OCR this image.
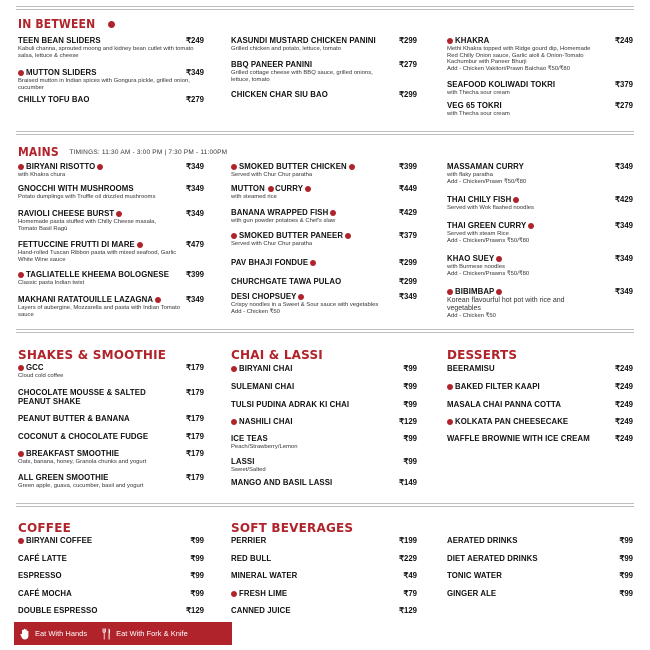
IN BETWEEN
TEEN BEAN SLIDERS	₹249
Kabuli channa, sprouted moong and kidney bean cutlet with tomato salsa, lettuce & cheese
MUTTON SLIDERS	₹349
Braised mutton in Indian spices with Gongura pickle, grilled onion, cucumber
CHILLY TOFU BAO	₹279
KASUNDI MUSTARD CHICKEN PANINI	₹299
Grilled chicken and potato, lettuce, tomato
BBQ PANEER PANINI	₹279
Grilled cottage cheese with BBQ sauce, grilled onions, lettuce, tomato
CHICKEN CHAR SIU BAO	₹299
KHAKRA	₹249
Methi Khakra topped with Ridge gourd dip, Homemade Red Chilly Onion sauce, Garlic aioli & Onion-Tomato Kachumbur with Paneer Bhurji
Add - Chicken Vakitori/Prawn Balchao ₹50/₹80
SEAFOOD KOLIWADI TOKRI	₹379
with Thecha sour cream
VEG 65 TOKRI	₹279
with Thecha sour cream
MAINS TIMINGS: 11:30 AM - 3:00 PM | 7:30 PM - 11:00PM
BIRYANI RISOTTO	₹349
with Khakra chura
GNOCCHI WITH MUSHROOMS	₹349
Potato dumplings with Truffle oil drizzled mushrooms
RAVIOLI CHEESE BURST	₹349
Homemade pasta stuffed with Chilly Cheese masala, Tomato Basil Ragù
FETTUCCINE FRUTTI DI MARE	₹479
Hand-rolled Tuscan Ribbon pasta with mixed seafood, Garlic White Wine sauce
TAGLIATELLE KHEEMA BOLOGNESE ₹399
Classic pasta Indian twist
MAKHANI RATATOUILLE LAZAGNA	₹349
Layers of aubergine, Mozzarella and pasta with Indian Tomato sauce
SMOKED BUTTER CHICKEN	₹399
Served with Chur Chur paratha
MUTTON CURRY	₹449
with steamed rice
BANANA WRAPPED FISH	₹429
with gun powder potatoes & Chef's slaw
SMOKED BUTTER PANEER	₹379
Served with Chur Chur paratha
PAV BHAJI FONDUE	₹299
CHURCHGATE TAWA PULAO	₹299
DESI CHOPSUEY	₹349
Crispy noodles in a Sweet & Sour sauce with vegetables
Add - Chicken ₹50
MASSAMAN CURRY	₹349
with flaky paratha
Add - Chicken/Prawn ₹50/₹80
THAI CHILY FISH	₹429
Served with Wok flashed noodles
THAI GREEN CURRY	₹349
Served with steam Rice
Add - Chicken/Prawns ₹50/₹80
KHAO SUEY	₹349
with Burmese noodles
Add - Chicken/Prawns ₹50/₹80
BIBIMBAP	₹349
Korean flavourful hot pot with rice and vegetables
Add - Chicken ₹50
SHAKES & SMOOTHIE
GCC	₹179
Cloud cold coffee
CHOCOLATE MOUSSE & SALTED PEANUT SHAKE
₹179
PEANUT BUTTER & BANANA	₹179
COCONUT & CHOCOLATE FUDGE	₹179
BREAKFAST SMOOTHIE	₹179
Oats, banana, honey, Granola chunks and yogurt
ALL GREEN SMOOTHIE	₹179
Green apple, guava, cucumber, basil and yogurt
CHAI & LASSI
BIRYANI CHAI	₹99
SULEMANI CHAI	₹99
TULSI PUDINA ADRAK KI CHAI	₹99
NASHILI CHAI	₹129
ICE TEAS	₹99
Peach/Strawberry/Lemon
LASSI	₹99
Sweet/Salted
MANGO AND BASIL LASSI	₹149
DESSERTS
BEERAMISU	₹249
BAKED FILTER KAAPI	₹249
MASALA CHAI PANNA COTTA	₹249
KOLKATA PAN CHEESECAKE	₹249
WAFFLE BROWNIE WITH ICE CREAM	₹249
COFFEE
BIRYANI COFFEE	₹99
CAFÉ LATTE	₹99
ESPRESSO	₹99
CAFÉ MOCHA	₹99
DOUBLE ESPRESSO	₹129
SOFT BEVERAGES
PERRIER	₹199
RED BULL	₹229
MINERAL WATER	₹49
FRESH LIME	₹79
CANNED JUICE	₹129
AERATED DRINKS	₹99
DIET AERATED DRINKS	₹99
TONIC WATER	₹99
GINGER ALE	₹99
Eat With Hands	Eat With Fork & Knife
